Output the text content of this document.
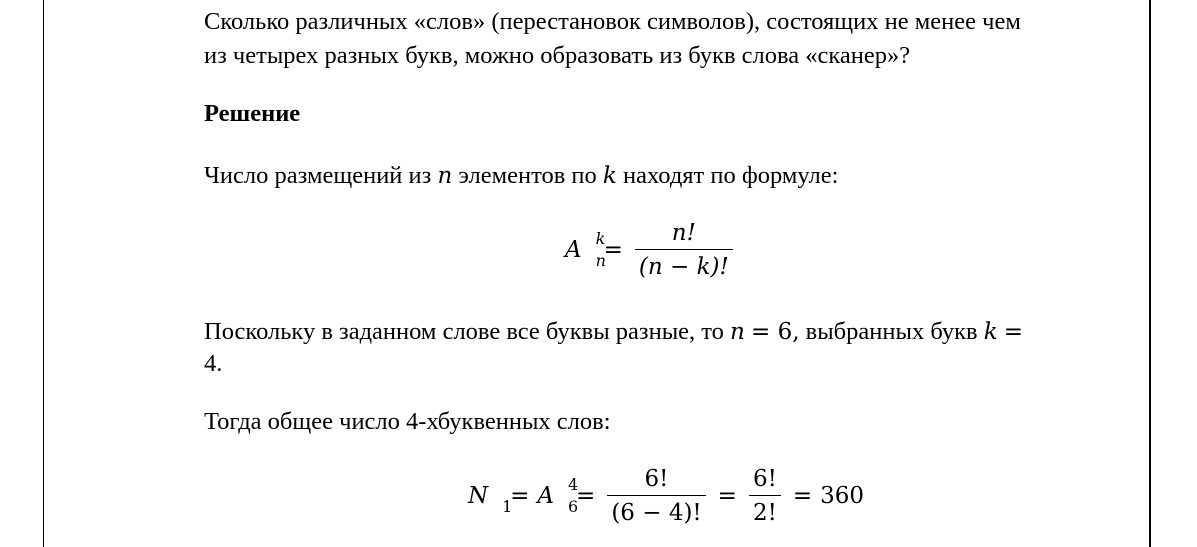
Сколько различных «слов» (перестановок символов), состоящих не менее чем
из четырех разных букв, можно образовать из букв слова «сканер»?
Решение
Число размещений из n элементов по k находят по формуле:
A k
n
= $\frac{n!}{(n - k)!}$
Поскольку в заданном слове все буквы разные, то n = 6, выбранных букв k =
4.
Тогда общее число 4-хбуквенных слов:
N 1
= A 4
6
= $\frac{6!}{(6 - 4)!} = \frac{6!}{2!} = 360$
